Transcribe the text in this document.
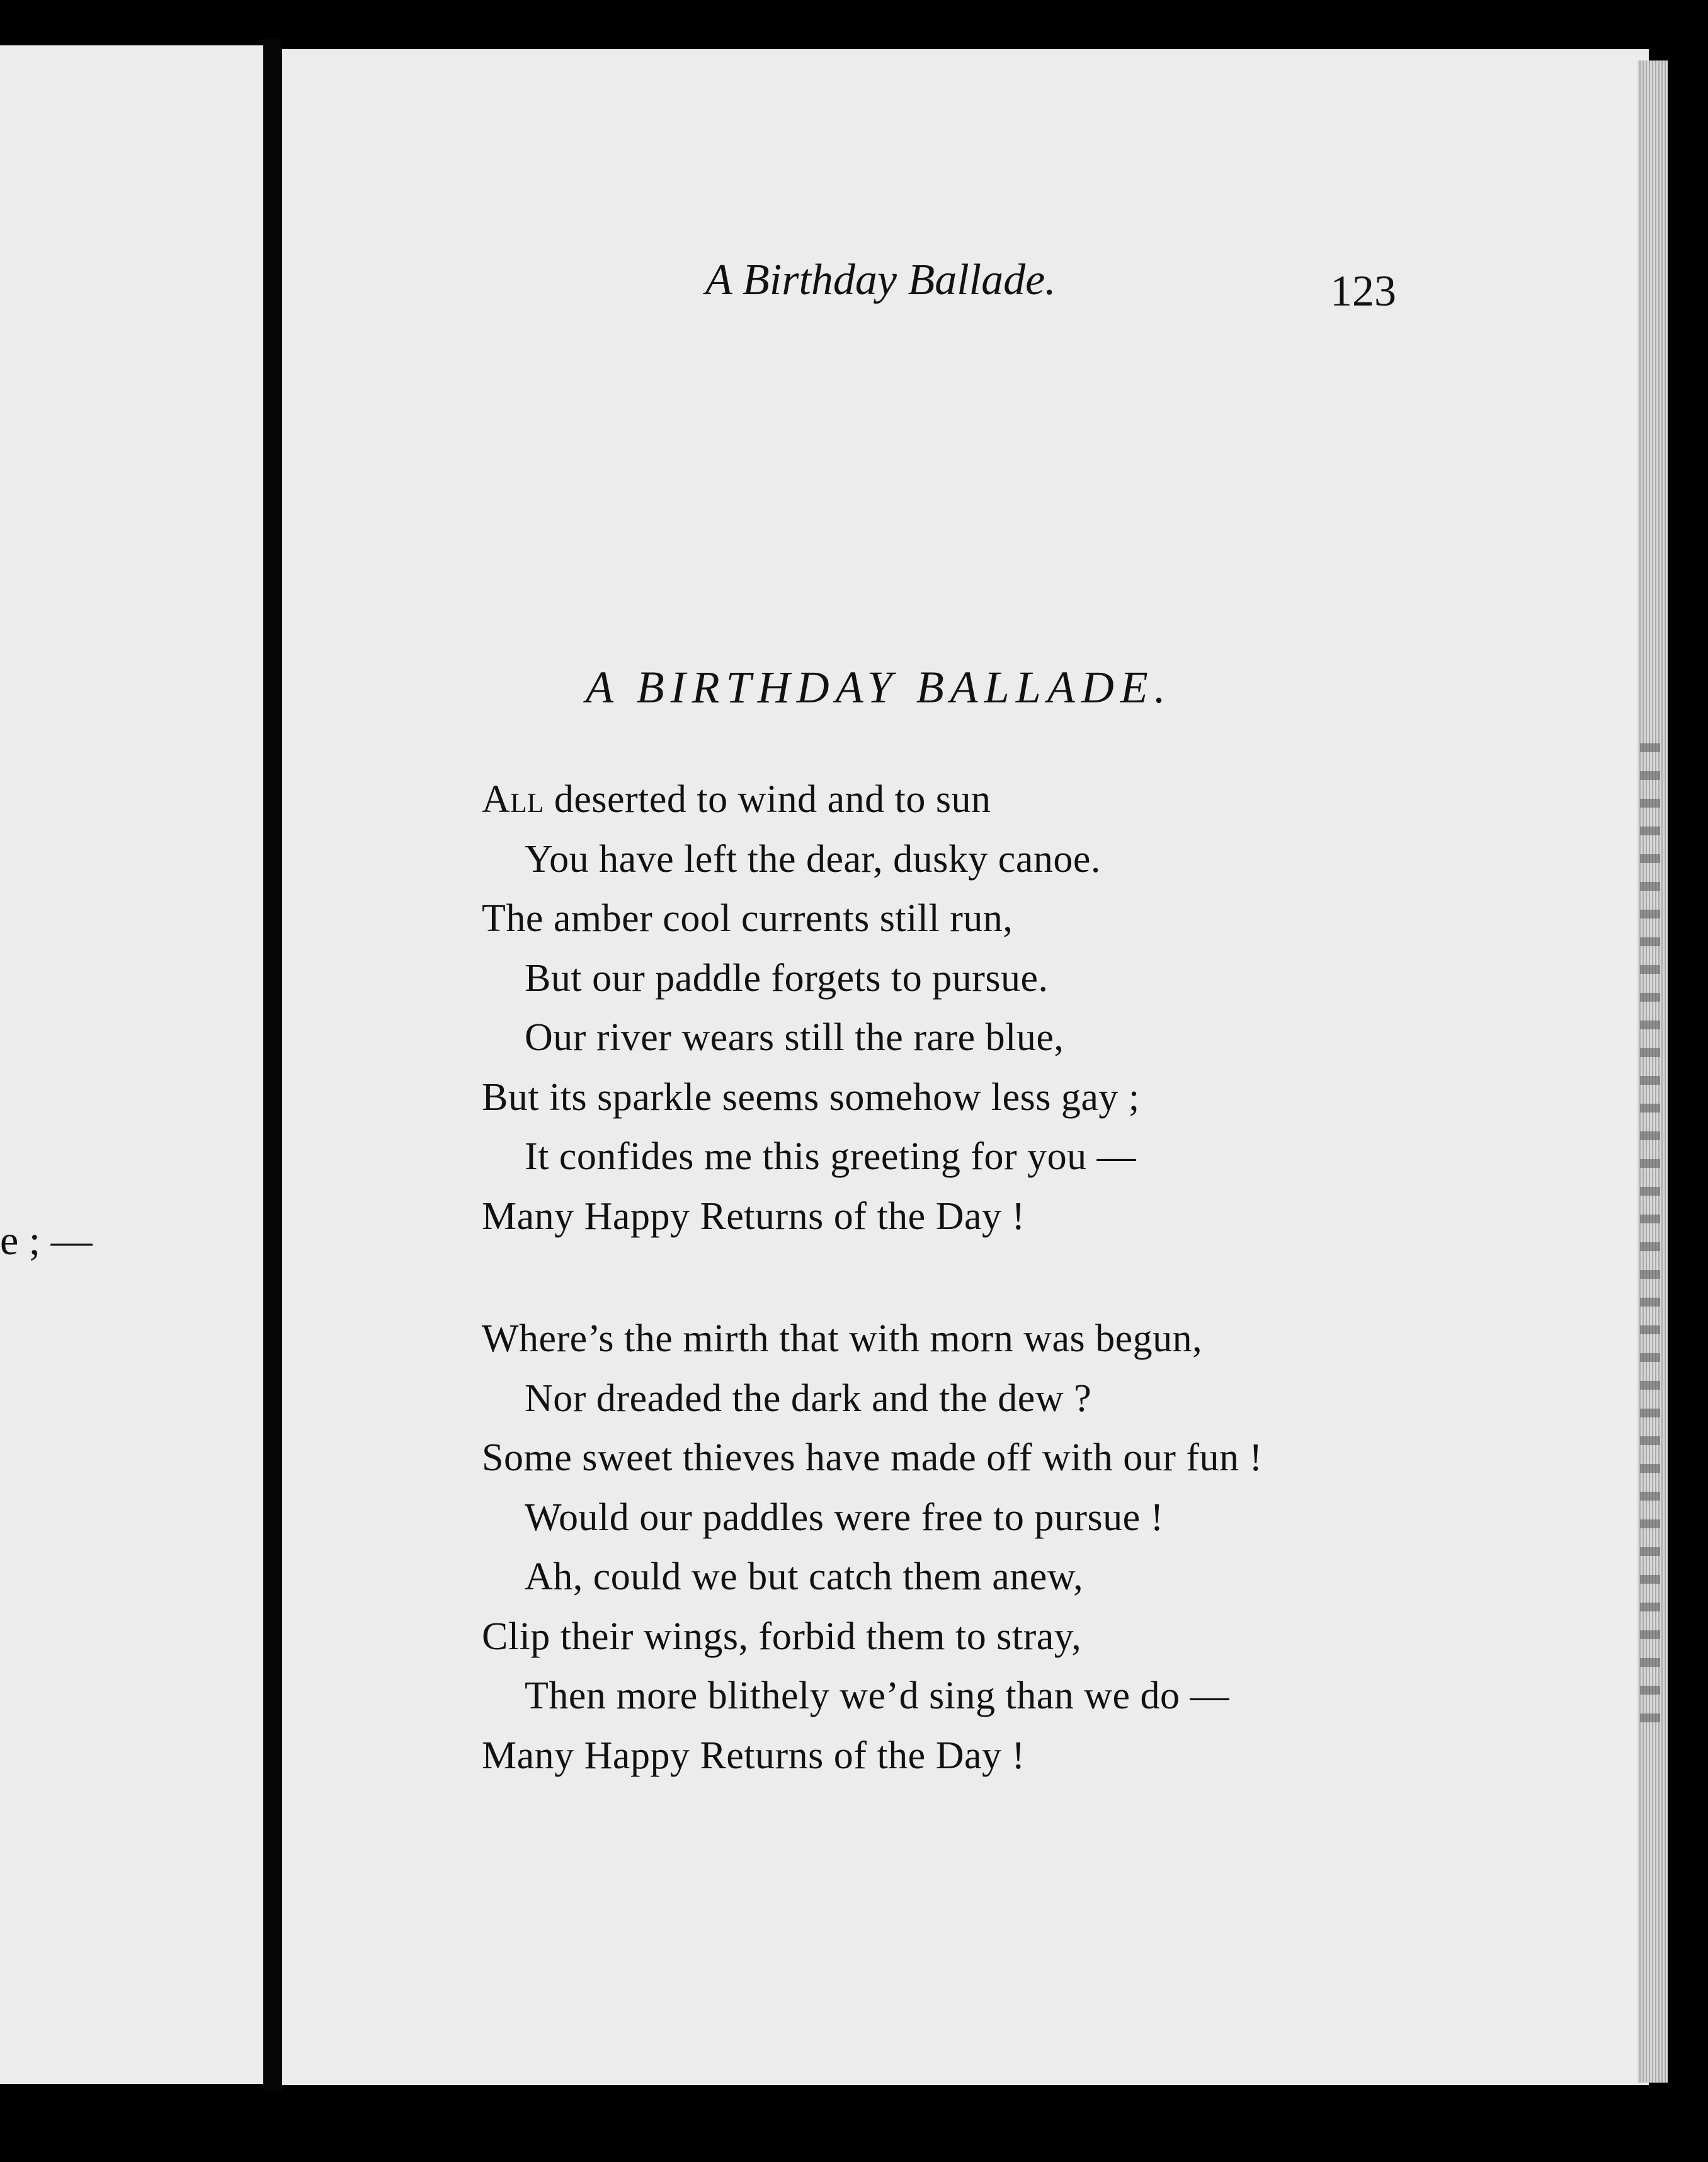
e ; —
A Birthday Ballade.	123
A BIRTHDAY BALLADE.
All deserted to wind and to sun
You have left the dear, dusky canoe.
The amber cool currents still run,
But our paddle forgets to pursue.
Our river wears still the rare blue,
But its sparkle seems somehow less gay ;
It confides me this greeting for you —
Many Happy Returns of the Day !
Where’s the mirth that with morn was begun,
Nor dreaded the dark and the dew ?
Some sweet thieves have made off with our fun !
Would our paddles were free to pursue !
Ah, could we but catch them anew,
Clip their wings, forbid them to stray,
Then more blithely we’d sing than we do —
Many Happy Returns of the Day !
